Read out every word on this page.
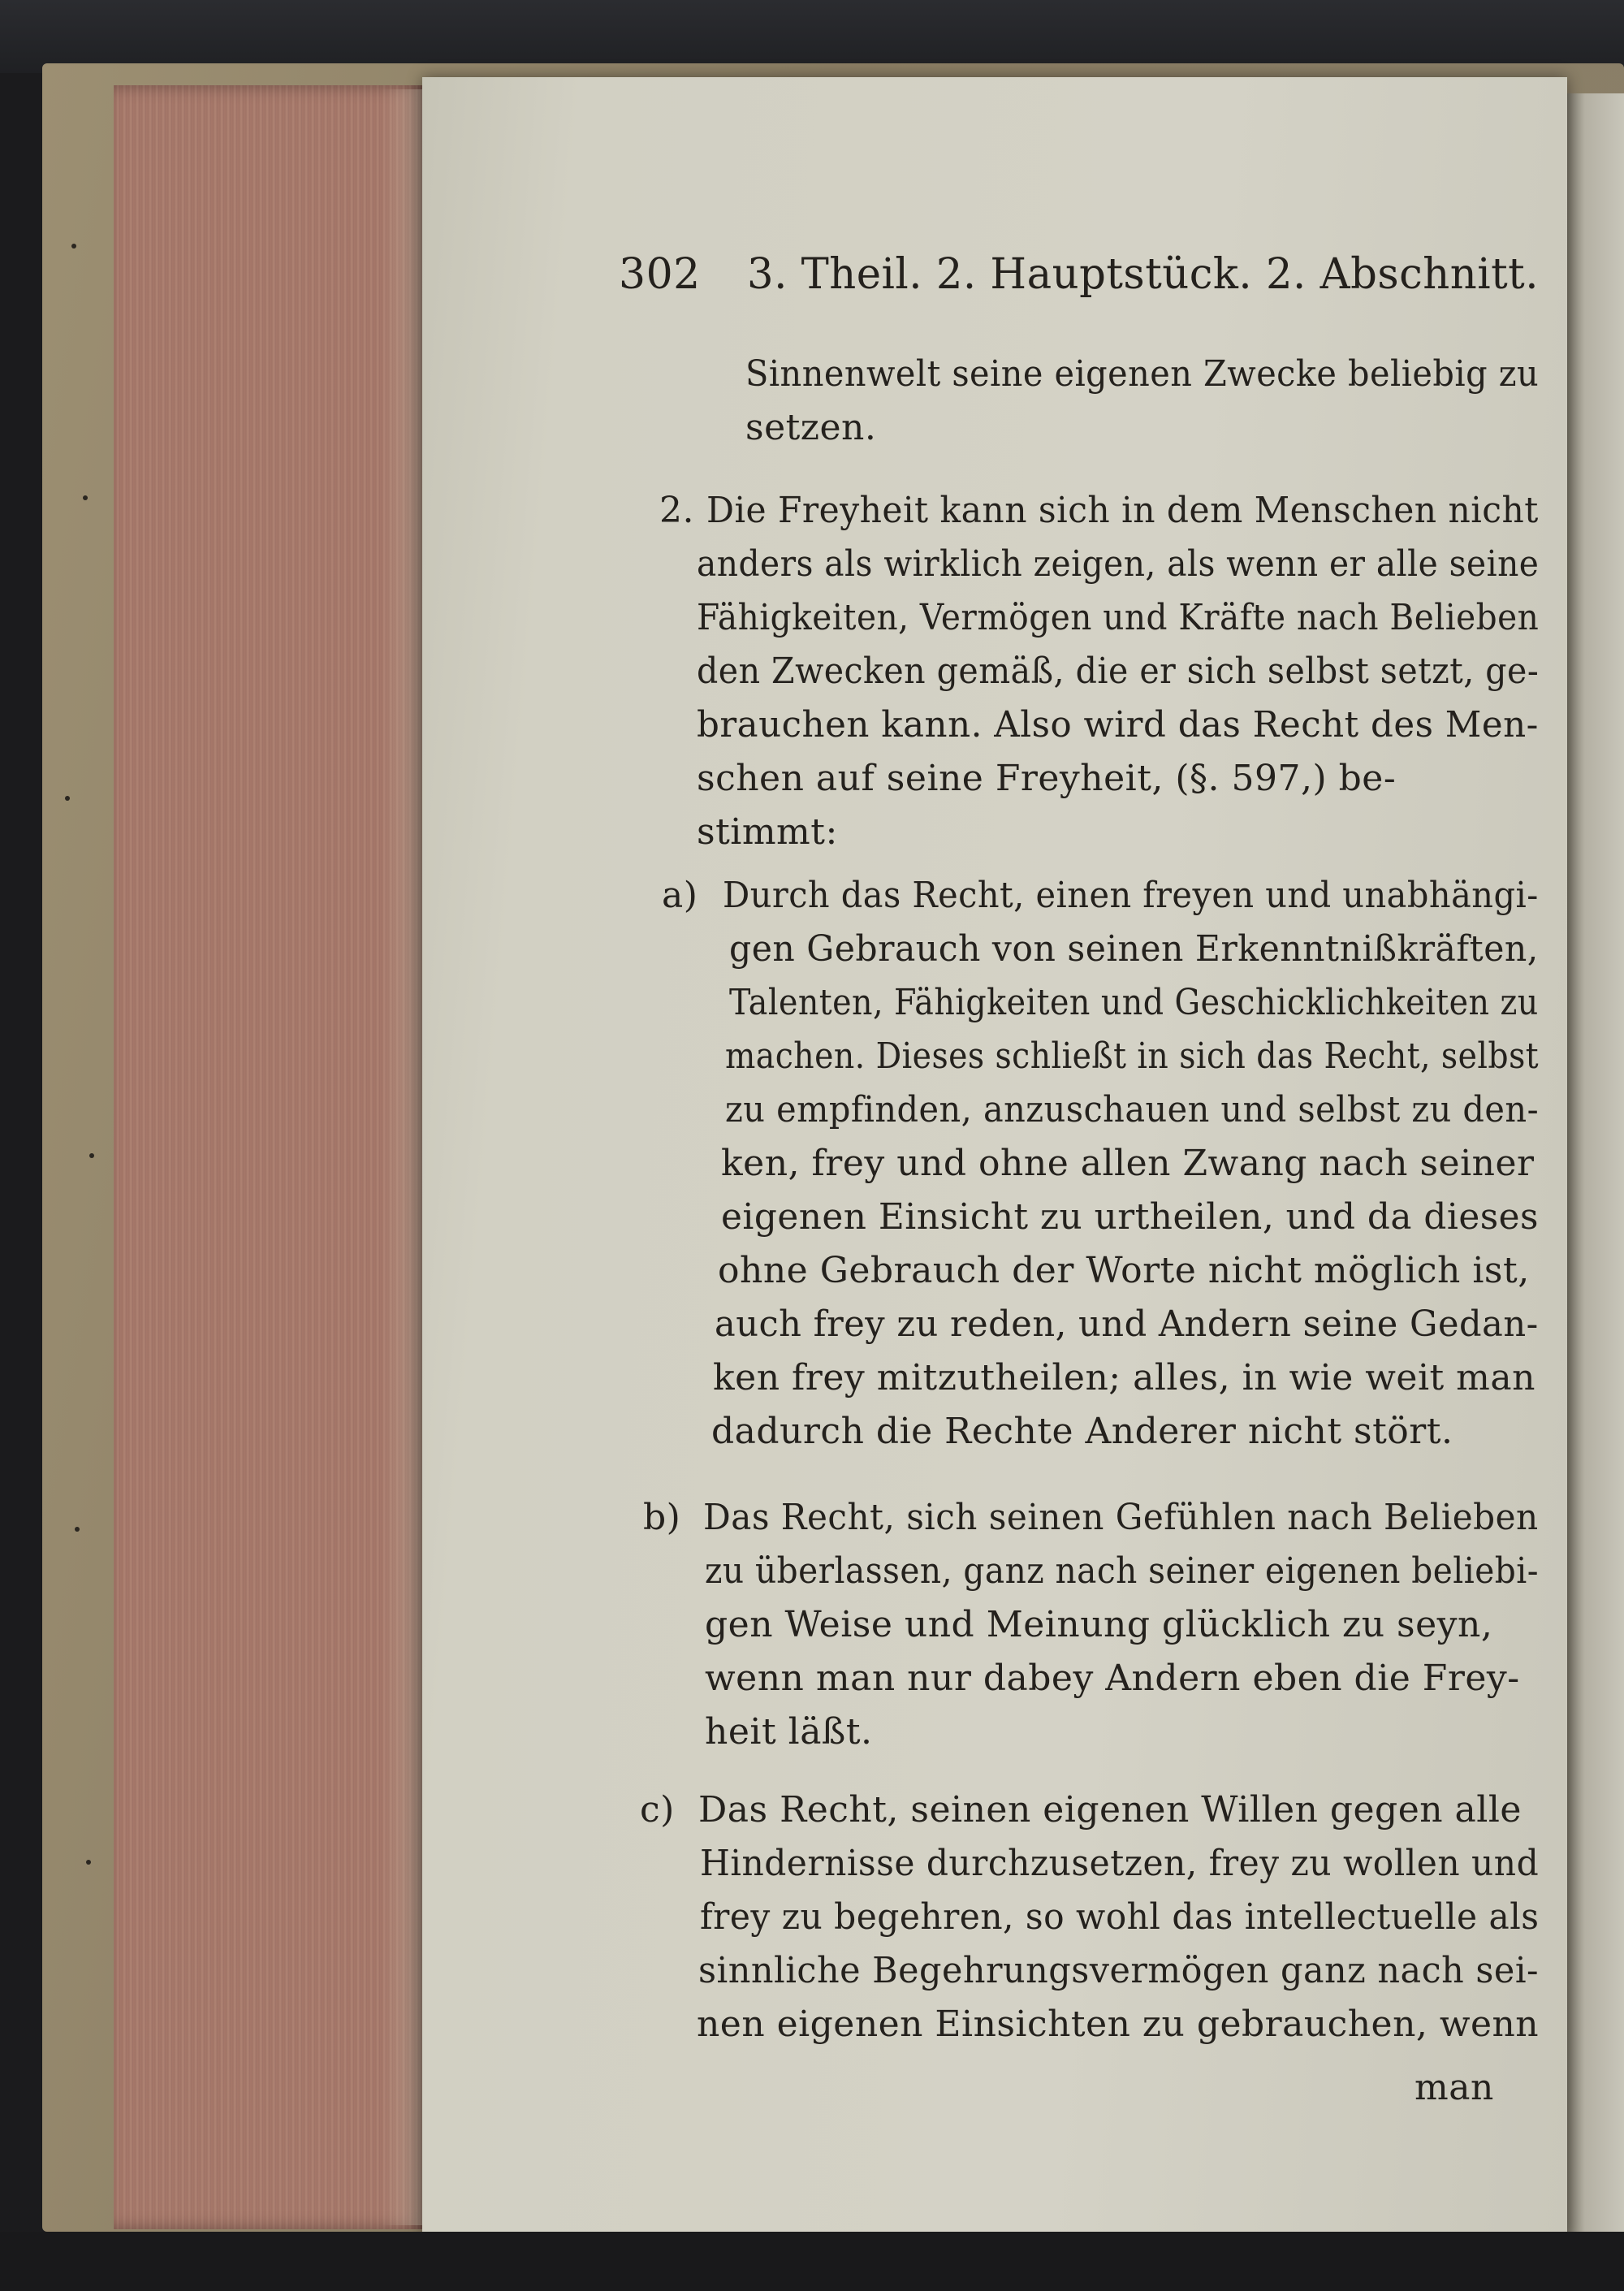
302 3. Theil. 2. Hauptstück. 2. Abschnitt.
Sinnenwelt seine eigenen Zwecke beliebig zu
setzen.
2. Die Freyheit kann sich in dem Menschen nicht
anders als wirklich zeigen, als wenn er alle seine
Fähigkeiten, Vermögen und Kräfte nach Belieben
den Zwecken gemäß, die er sich selbst setzt, ge-
brauchen kann. Also wird das Recht des Men-
schen auf seine Freyheit, (§. 597,) be-
stimmt:
a) Durch das Recht, einen freyen und unabhängi-
gen Gebrauch von seinen Erkenntnißkräften,
Talenten, Fähigkeiten und Geschicklichkeiten zu
machen. Dieses schließt in sich das Recht, selbst
zu empfinden, anzuschauen und selbst zu den-
ken, frey und ohne allen Zwang nach seiner
eigenen Einsicht zu urtheilen, und da dieses
ohne Gebrauch der Worte nicht möglich ist,
auch frey zu reden, und Andern seine Gedan-
ken frey mitzutheilen; alles, in wie weit man
dadurch die Rechte Anderer nicht stört.
b) Das Recht, sich seinen Gefühlen nach Belieben
zu überlassen, ganz nach seiner eigenen beliebi-
gen Weise und Meinung glücklich zu seyn,
wenn man nur dabey Andern eben die Frey-
heit läßt.
c) Das Recht, seinen eigenen Willen gegen alle
Hindernisse durchzusetzen, frey zu wollen und
frey zu begehren, so wohl das intellectuelle als
sinnliche Begehrungsvermögen ganz nach sei-
nen eigenen Einsichten zu gebrauchen, wenn
man
